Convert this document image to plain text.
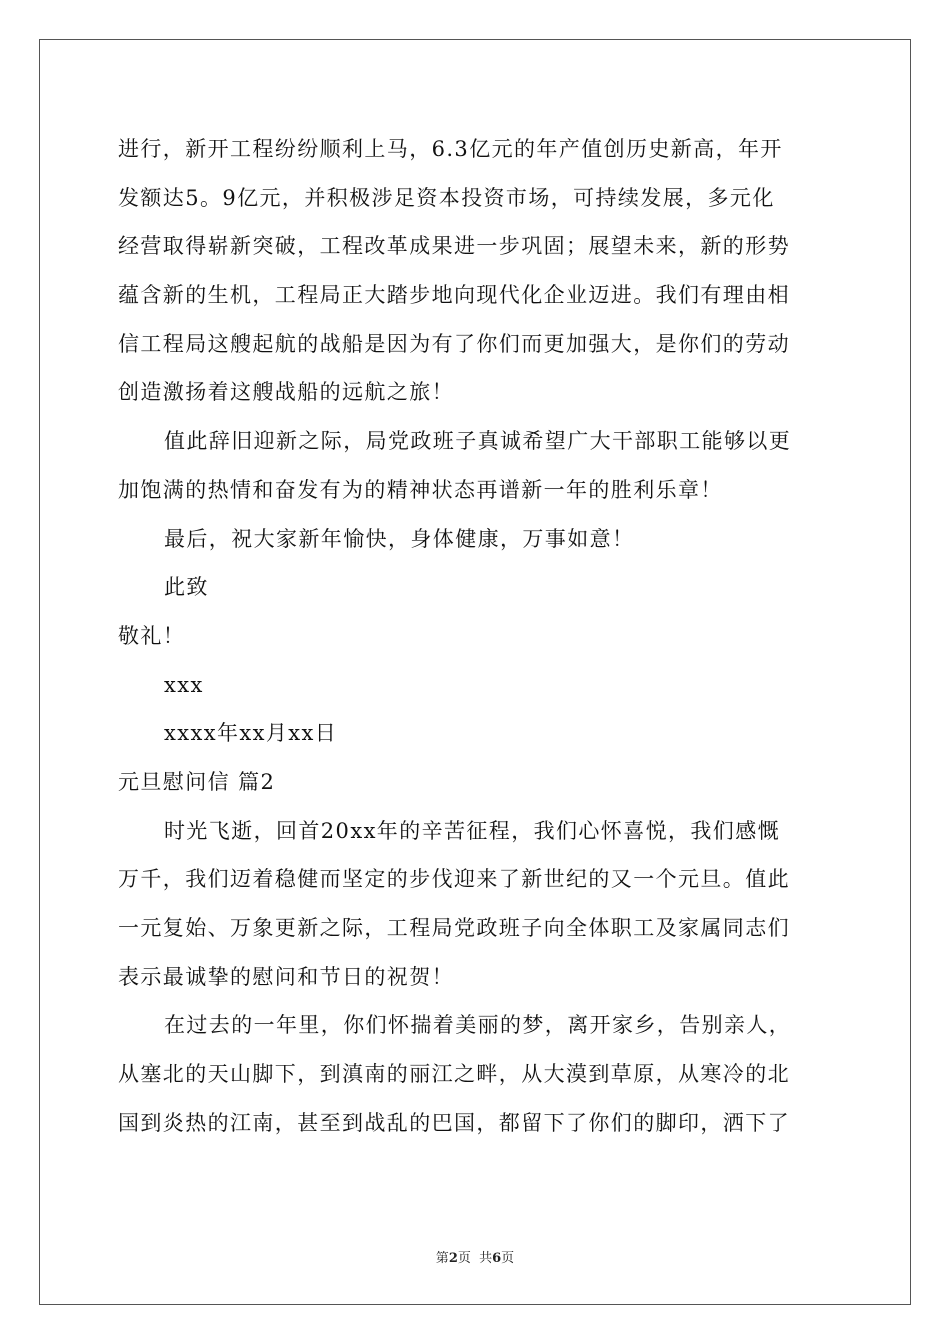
进行，新开工程纷纷顺利上马，6.3亿元的年产值创历史新高，年开
发额达5。9亿元，并积极涉足资本投资市场，可持续发展，多元化
经营取得崭新突破，工程改革成果进一步巩固；展望未来，新的形势
蕴含新的生机，工程局正大踏步地向现代化企业迈进。我们有理由相
信工程局这艘起航的战船是因为有了你们而更加强大，是你们的劳动
创造激扬着这艘战船的远航之旅！
值此辞旧迎新之际，局党政班子真诚希望广大干部职工能够以更
加饱满的热情和奋发有为的精神状态再谱新一年的胜利乐章！
最后，祝大家新年愉快，身体健康，万事如意！
此致
敬礼！
xxx
xxxx年xx月xx日
元旦慰问信 篇2
时光飞逝，回首20xx年的辛苦征程，我们心怀喜悦，我们感慨
万千，我们迈着稳健而坚定的步伐迎来了新世纪的又一个元旦。值此
一元复始、万象更新之际，工程局党政班子向全体职工及家属同志们
表示最诚挚的慰问和节日的祝贺！
在过去的一年里，你们怀揣着美丽的梦，离开家乡，告别亲人，
从塞北的天山脚下，到滇南的丽江之畔，从大漠到草原，从寒冷的北
国到炎热的江南，甚至到战乱的巴国，都留下了你们的脚印，洒下了
第2页  共6页
